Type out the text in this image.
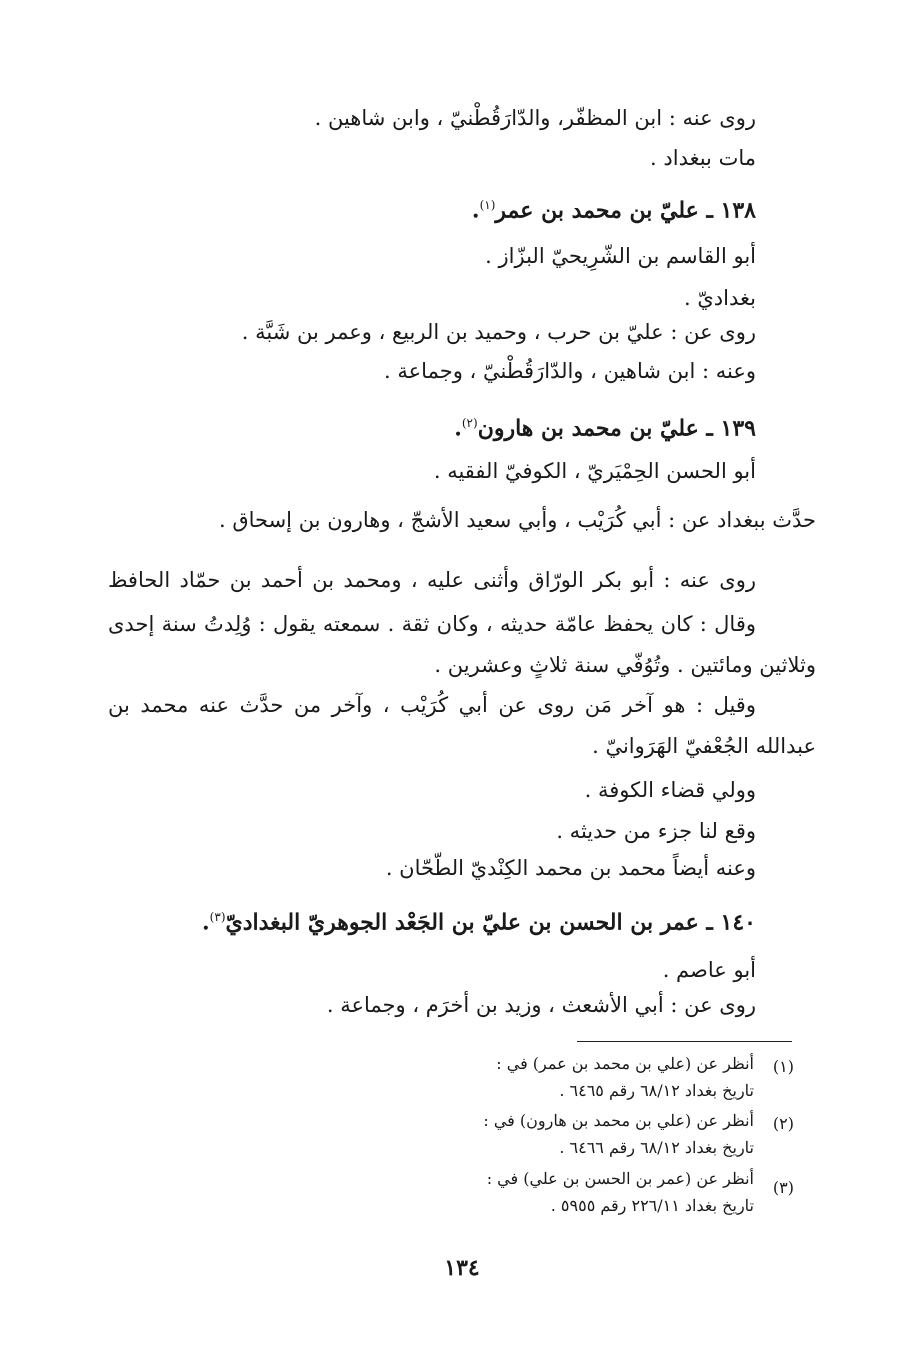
روى عنه : ابن المظفّر، والدّارَقُطْنيّ ، وابن شاهين .
مات ببغداد .
١٣٨ ـ عليّ بن محمد بن عمر$^{(١)}$.
أبو القاسم بن الشّرِيحيّ البزّاز .
بغداديّ .
روى عن : عليّ بن حرب ، وحميد بن الربيع ، وعمر بن شَبَّة .
وعنه : ابن شاهين ، والدّارَقُطْنيّ ، وجماعة .
١٣٩ ـ عليّ بن محمد بن هارون$^{(٢)}$.
أبو الحسن الحِمْيَريّ ، الكوفيّ الفقيه .
حدَّث ببغداد عن : أبي كُرَيْب ، وأبي سعيد الأشجّ ، وهارون بن إسحاق .
روى عنه : أبو بكر الورّاق وأثنى عليه ، ومحمد بن أحمد بن حمّاد الحافظ
وقال : كان يحفظ عامّة حديثه ، وكان ثقة . سمعته يقول : وُلِدتُ سنة إحدى
وثلاثين ومائتين . وتُوُفّي سنة ثلاثٍ وعشرين .
وقيل : هو آخر مَن روى عن أبي كُرَيْب ، وآخر من حدَّث عنه محمد بن
عبدالله الجُعْفيّ الهَرَوانيّ .
وولي قضاء الكوفة .
وقع لنا جزء من حديثه .
وعنه أيضاً محمد بن محمد الكِنْديّ الطّحّان .
١٤٠ ـ عمر بن الحسن بن عليّ بن الجَعْد الجوهريّ البغداديّ$^{(٣)}$.
أبو عاصم .
روى عن : أبي الأشعث ، وزيد بن أخرَم ، وجماعة .
(١)
أنظر عن (علي بن محمد بن عمر) في :
تاريخ بغداد ٦٨/١٢ رقم ٦٤٦٥ .
(٢)
أنظر عن (علي بن محمد بن هارون) في :
تاريخ بغداد ٦٨/١٢ رقم ٦٤٦٦ .
(٣)
أنظر عن (عمر بن الحسن بن علي) في :
تاريخ بغداد ٢٢٦/١١ رقم ٥٩٥٥ .
١٣٤
